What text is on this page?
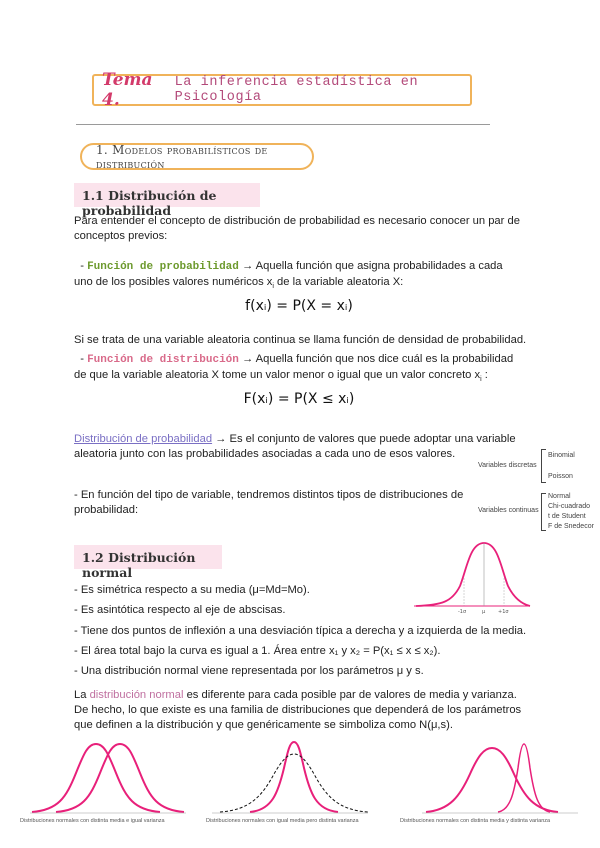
Tema 4.
La inferencia estadística en Psicología
1. Modelos probabilísticos de distribución
1.1 Distribución de probabilidad
Para entender el concepto de distribución de probabilidad es necesario conocer un par de conceptos previos:
- Función de probabilidad → Aquella función que asigna probabilidades a cada
uno de los posibles valores numéricos $x_i$ de la variable aleatoria X:
f(xᵢ) = P(X = xᵢ)
Si se trata de una variable aleatoria continua se llama función de densidad de probabilidad.
- Función de distribución → Aquella función que nos dice cuál es la probabilidad
de que la variable aleatoria X tome un valor menor o igual que un valor concreto $x_i$ :
F(xᵢ) = P(X ≤ xᵢ)
Distribución de probabilidad → Es el conjunto de valores que puede adoptar una variable
aleatoria junto con las probabilidades asociadas a cada uno de esos valores.
- En función del tipo de variable, tendremos distintos tipos de distribuciones de
probabilidad:
Variables discretas
Binomial
Poisson
Variables continuas
Normal
Chi-cuadrado
t de Student
F de Snedecor
1.2 Distribución normal
-1σ	μ	+1σ
- Es simétrica respecto a su media (μ=Md=Mo).
- Es asintótica respecto al eje de abscisas.
- Tiene dos puntos de inflexión a una desviación típica a derecha y a izquierda de la media.
- El área total bajo la curva es igual a 1. Área entre x₁ y x₂ = P(x₁ ≤ x ≤ x₂).
- Una distribución normal viene representada por los parámetros μ y s.
La distribución normal es diferente para cada posible par de valores de media y varianza.
De hecho, lo que existe es una familia de distribuciones que dependerá de los parámetros
que definen a la distribución y que genéricamente se simboliza como N(μ,s).
Distribuciones normales con distinta media e igual varianza	Distribuciones normales con igual media pero distinta varianza	Distribuciones normales con distinta media y distinta varianza
